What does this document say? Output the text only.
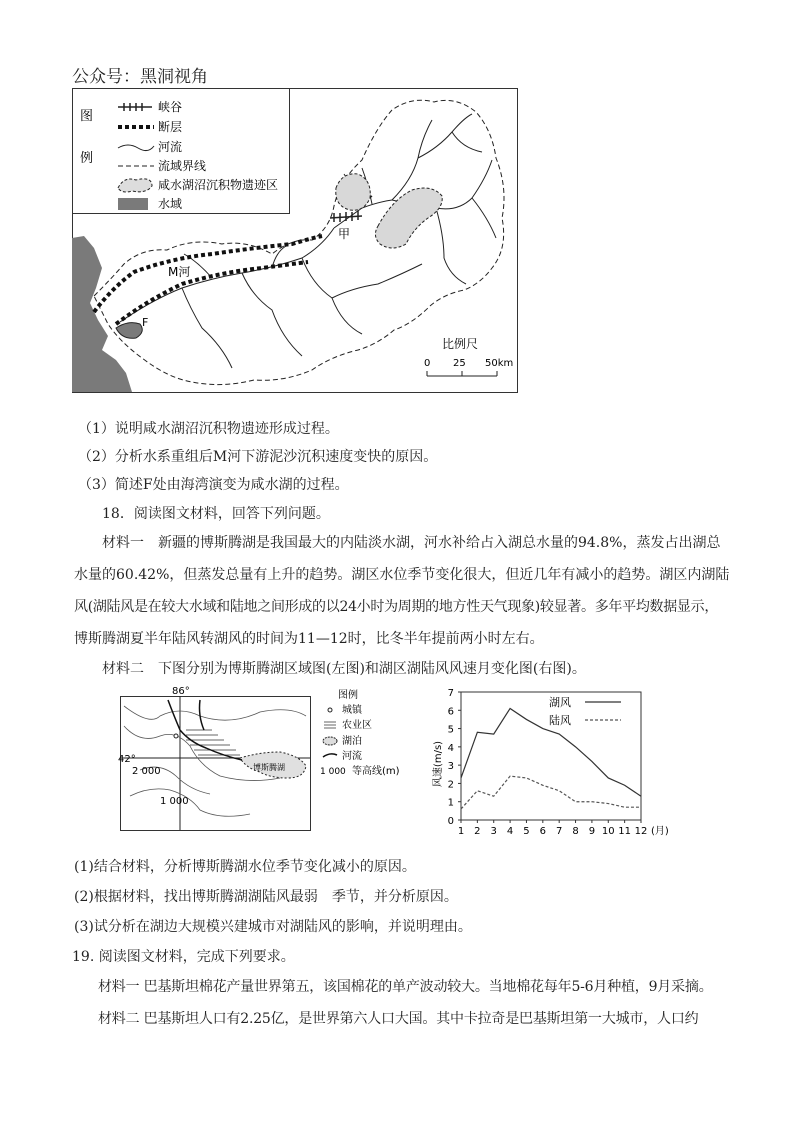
公众号：黑洞视角
图
例
峡谷
断层
河流
流域界线
咸水湖沼沉积物遗迹区
水域
甲
M河
F
比例尺
0 25 50km
（1）说明咸水湖沼沉积物遗迹形成过程。
（2）分析水系重组后M河下游泥沙沉积速度变快的原因。
（3）简述F处由海湾演变为咸水湖的过程。
18．阅读图文材料，回答下列问题。
材料一　新疆的博斯腾湖是我国最大的内陆淡水湖，河水补给占入湖总水量的94.8%，蒸发占出湖总
水量的60.42%，但蒸发总量有上升的趋势。湖区水位季节变化很大，但近几年有减小的趋势。湖区内湖陆
风(湖陆风是在较大水域和陆地之间形成的以24小时为周期的地方性天气现象)较显著。多年平均数据显示，
博斯腾湖夏半年陆风转湖风的时间为11—12时，比冬半年提前两小时左右。
材料二　下图分别为博斯腾湖区域图(左图)和湖区湖陆风风速月变化图(右图)。
86°
42°
2 000
1 000
博斯腾湖
图例
城镇
农业区
湖泊
河流
1 000 等高线(m)	风速(m/s)
(月)
0
1
2
3
4
5
6
7
1 2 3 4 5 6 7 8 9 10 11 12
湖风
陆风
(1)结合材料，分析博斯腾湖水位季节变化减小的原因。
(2)根据材料，找出博斯腾湖湖陆风最弱　季节，并分析原因。
(3)试分析在湖边大规模兴建城市对湖陆风的影响，并说明理由。
19. 阅读图文材料，完成下列要求。
材料一 巴基斯坦棉花产量世界第五，该国棉花的单产波动较大。当地棉花每年5-6月种植，9月采摘。
材料二 巴基斯坦人口有2.25亿，是世界第六人口大国。其中卡拉奇是巴基斯坦第一大城市，人口约
